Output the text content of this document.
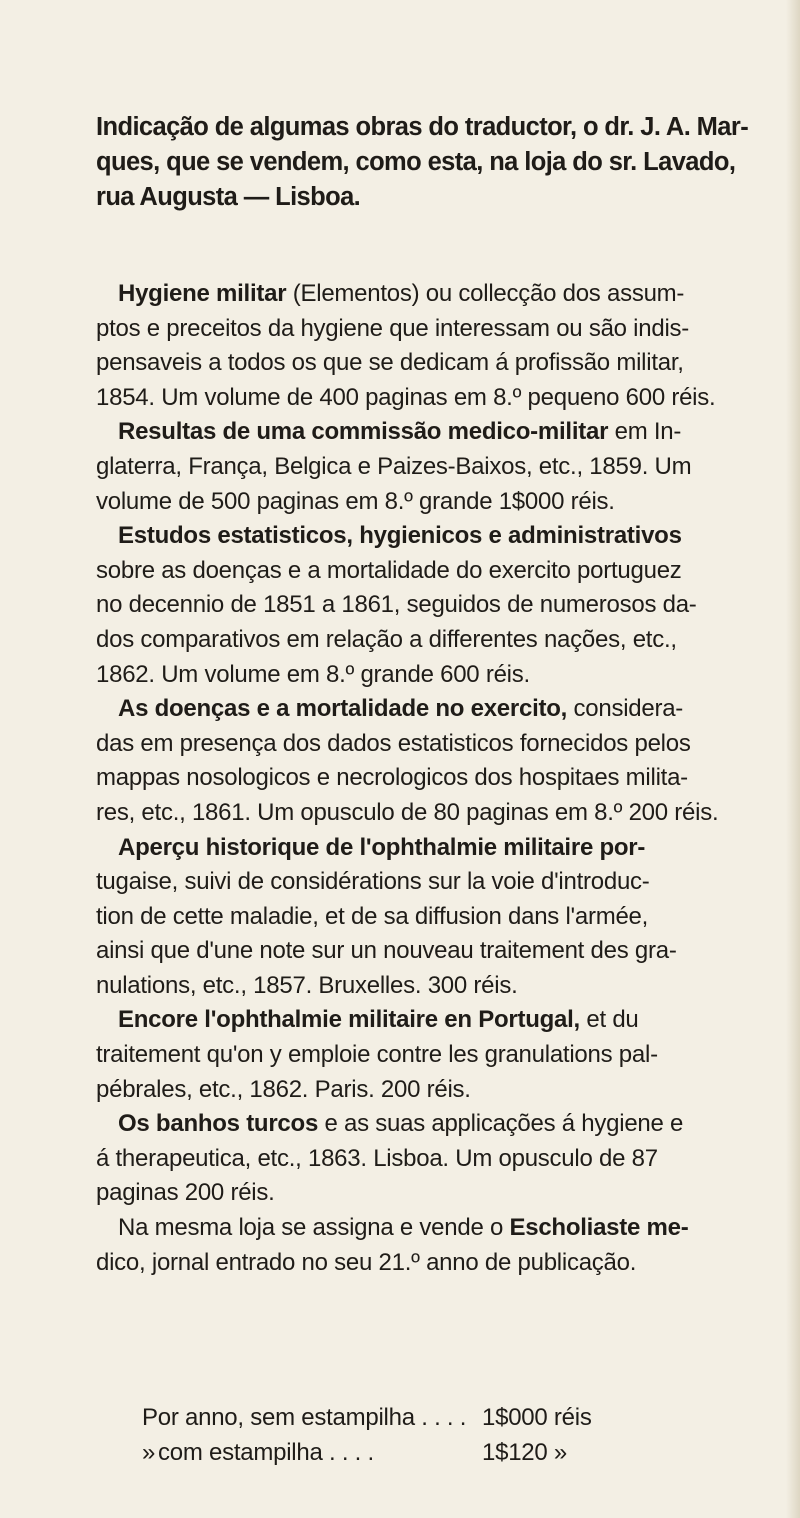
Indicação de algumas obras do traductor, o dr. J. A. Mar-
ques, que se vendem, como esta, na loja do sr. Lavado,
rua Augusta — Lisboa.

Hygiene militar (Elementos) ou collecção dos assum-
ptos e preceitos da hygiene que interessam ou são indis-
pensaveis a todos os que se dedicam á profissão militar,
1854. Um volume de 400 paginas em 8.º pequeno 600 réis.

Resultas de uma commissão medico-militar em In-
glaterra, França, Belgica e Paizes-Baixos, etc., 1859. Um
volume de 500 paginas em 8.º grande 1$000 réis.

Estudos estatisticos, hygienicos e administrativos
sobre as doenças e a mortalidade do exercito portuguez
no decennio de 1851 a 1861, seguidos de numerosos da-
dos comparativos em relação a differentes nações, etc.,
1862. Um volume em 8.º grande 600 réis.

As doenças e a mortalidade no exercito, considera-
das em presença dos dados estatisticos fornecidos pelos
mappas nosologicos e necrologicos dos hospitaes milita-
res, etc., 1861. Um opusculo de 80 paginas em 8.º 200 réis.

Aperçu historique de l'ophthalmie militaire por-
tugaise, suivi de considérations sur la voie d'introduc-
tion de cette maladie, et de sa diffusion dans l'armée,
ainsi que d'une note sur un nouveau traitement des gra-
nulations, etc., 1857. Bruxelles. 300 réis.

Encore l'ophthalmie militaire en Portugal, et du
traitement qu'on y emploie contre les granulations pal-
pébrales, etc., 1862. Paris. 200 réis.

Os banhos turcos e as suas applicações á hygiene e
á therapeutica, etc., 1863. Lisboa. Um opusculo de 87
paginas 200 réis.

Na mesma loja se assigna e vende o Escholiaste me-
dico, jornal entrado no seu 21.º anno de publicação.

Por anno, sem estampilha . . . . 1$000 réis
» com estampilha . . . .	1$120 »
